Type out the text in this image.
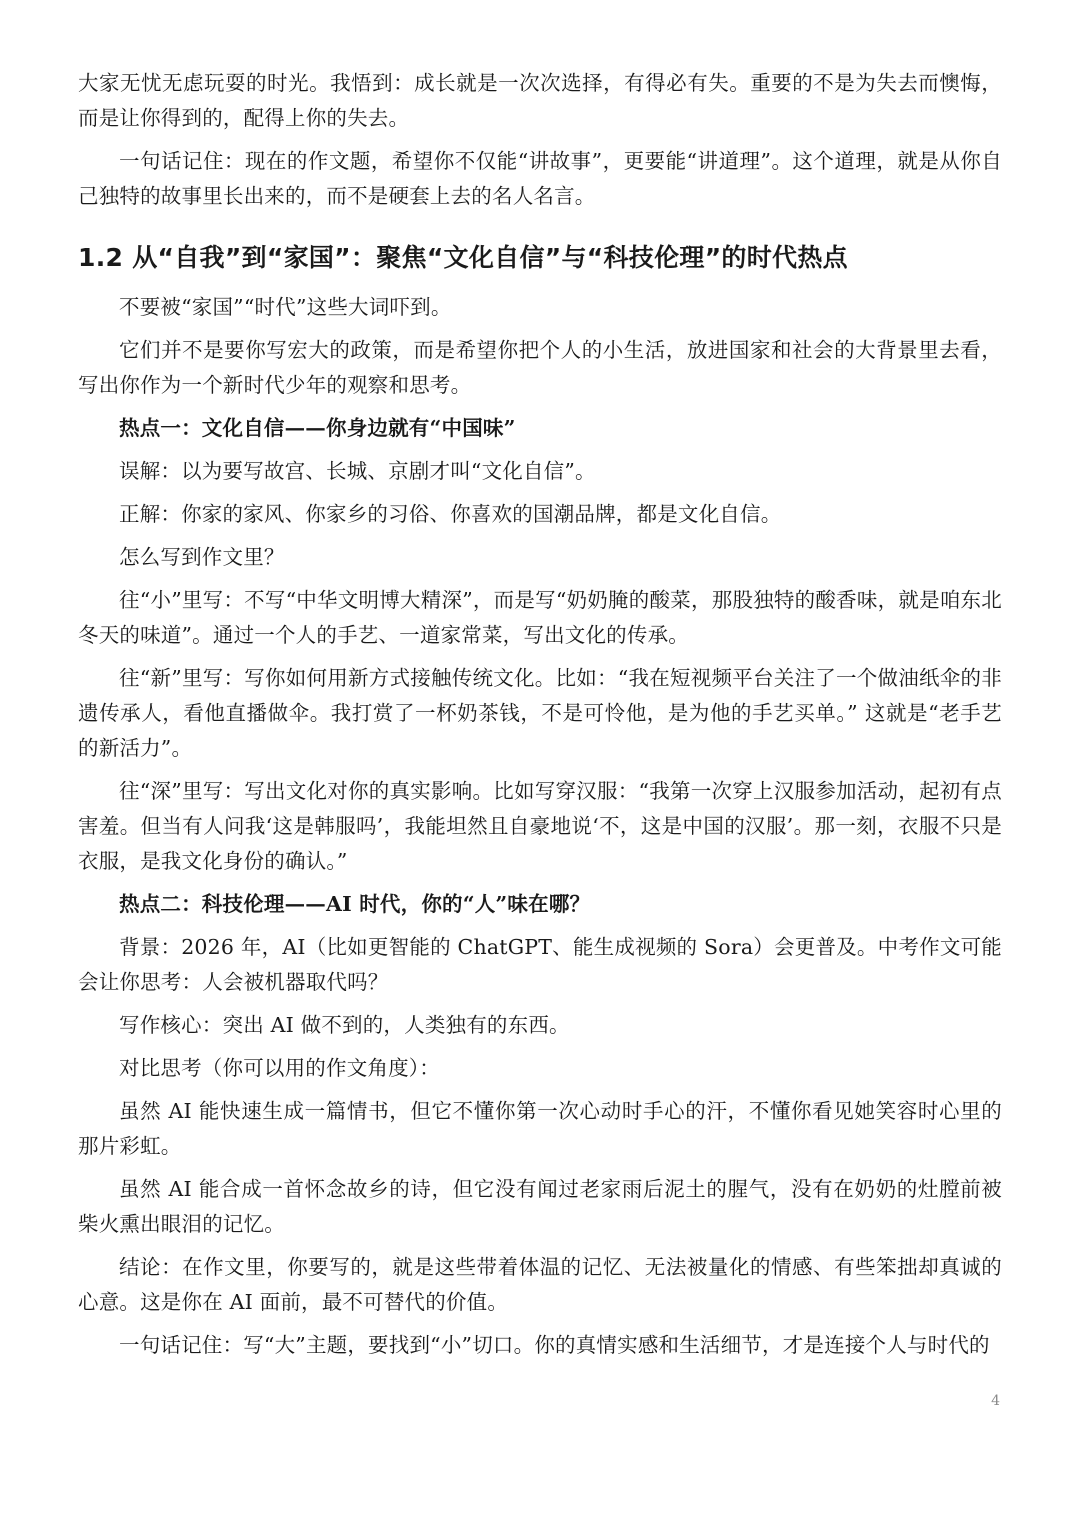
大家无忧无虑玩耍的时光。我悟到：成长就是一次次选择，有得必有失。重要的不是为失去而懊悔，而是让你得到的，配得上你的失去。

一句话记住：现在的作文题，希望你不仅能“讲故事”，更要能“讲道理”。这个道理，就是从你自己独特的故事里长出来的，而不是硬套上去的名人名言。

1.2 从“自我”到“家国”：聚焦“文化自信”与“科技伦理”的时代热点

不要被“家国”“时代”这些大词吓到。

它们并不是要你写宏大的政策，而是希望你把个人的小生活，放进国家和社会的大背景里去看，写出你作为一个新时代少年的观察和思考。

热点一：文化自信——你身边就有“中国味”

误解：以为要写故宫、长城、京剧才叫“文化自信”。

正解：你家的家风、你家乡的习俗、你喜欢的国潮品牌，都是文化自信。

怎么写到作文里？

往“小”里写：不写“中华文明博大精深”，而是写“奶奶腌的酸菜，那股独特的酸香味，就是咱东北冬天的味道”。通过一个人的手艺、一道家常菜，写出文化的传承。

往“新”里写：写你如何用新方式接触传统文化。比如：“我在短视频平台关注了一个做油纸伞的非遗传承人，看他直播做伞。我打赏了一杯奶茶钱，不是可怜他，是为他的手艺买单。” 这就是“老手艺的新活力”。

往“深”里写：写出文化对你的真实影响。比如写穿汉服：“我第一次穿上汉服参加活动，起初有点害羞。但当有人问我‘这是韩服吗’，我能坦然且自豪地说‘不，这是中国的汉服’。那一刻，衣服不只是衣服，是我文化身份的确认。”

热点二：科技伦理——AI 时代，你的“人”味在哪？

背景：2026 年，AI（比如更智能的 ChatGPT、能生成视频的 Sora）会更普及。中考作文可能会让你思考：人会被机器取代吗？

写作核心：突出 AI 做不到的，人类独有的东西。

对比思考（你可以用的作文角度）：

虽然 AI 能快速生成一篇情书，但它不懂你第一次心动时手心的汗，不懂你看见她笑容时心里的那片彩虹。

虽然 AI 能合成一首怀念故乡的诗，但它没有闻过老家雨后泥土的腥气，没有在奶奶的灶膛前被柴火熏出眼泪的记忆。

结论：在作文里，你要写的，就是这些带着体温的记忆、无法被量化的情感、有些笨拙却真诚的心意。这是你在 AI 面前，最不可替代的价值。

一句话记住：写“大”主题，要找到“小”切口。你的真情实感和生活细节，才是连接个人与时代的

4
